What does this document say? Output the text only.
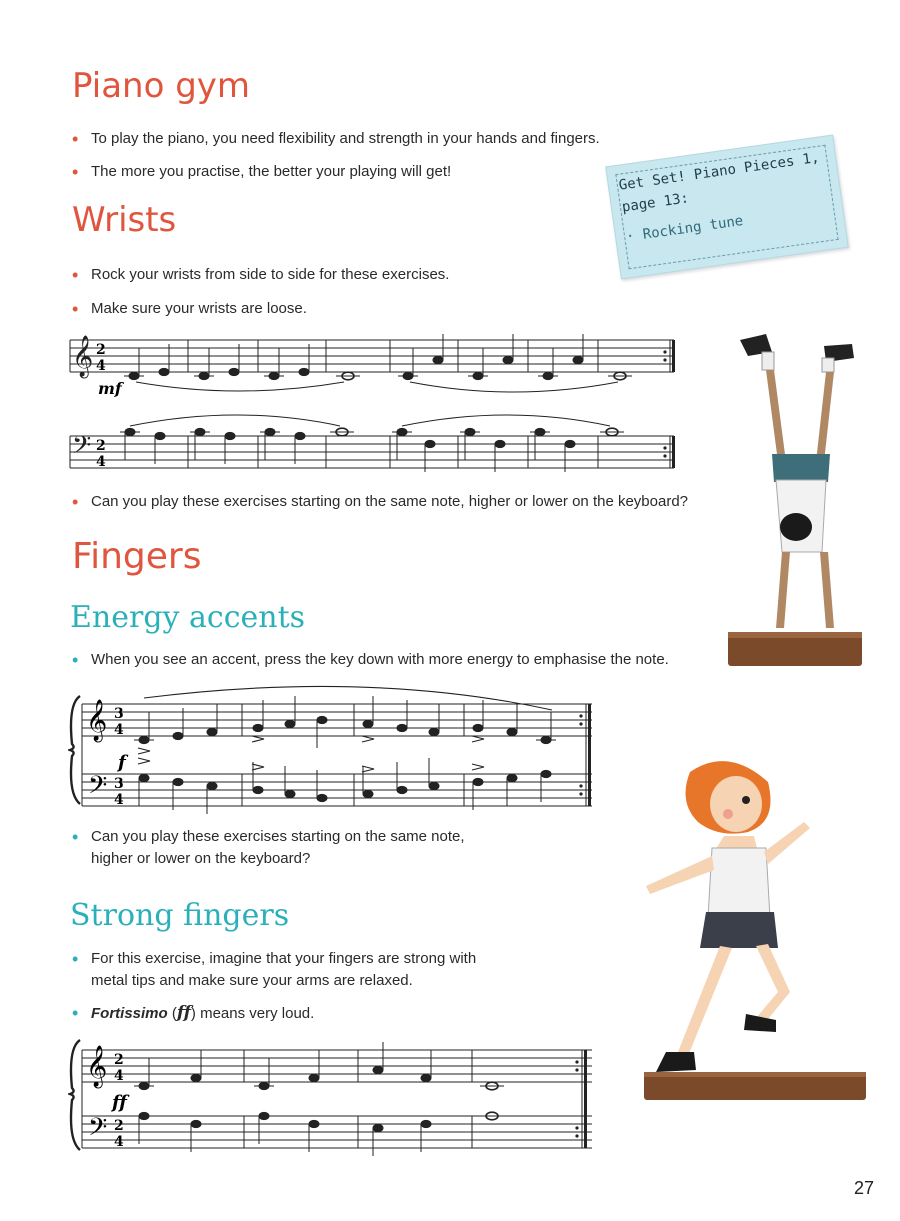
Piano gym
• To play the piano, you need flexibility and strength in your hands and fingers.
• The more you practise, the better your playing will get!	Get Set! Piano Pieces 1,
page 13:
· Rocking tune
Wrists
• Rock your wrists from side to side for these exercises.
• Make sure your wrists are loose.
𝄞 2
4
mf
𝄢 2
4
• Can you play these exercises starting on the same note, higher or lower on the keyboard?
Fingers
Energy accents
• When you see an accent, press the key down with more energy to emphasise the note.
𝄞
𝄢
3
4
3
4
f
• Can you play these exercises starting on the same note,
higher or lower on the keyboard?
Strong fingers
• For this exercise, imagine that your fingers are strong with
metal tips and make sure your arms are relaxed.
• Fortissimo (ff) means very loud.
𝄞
𝄢
2
4
2
4
ff
27
